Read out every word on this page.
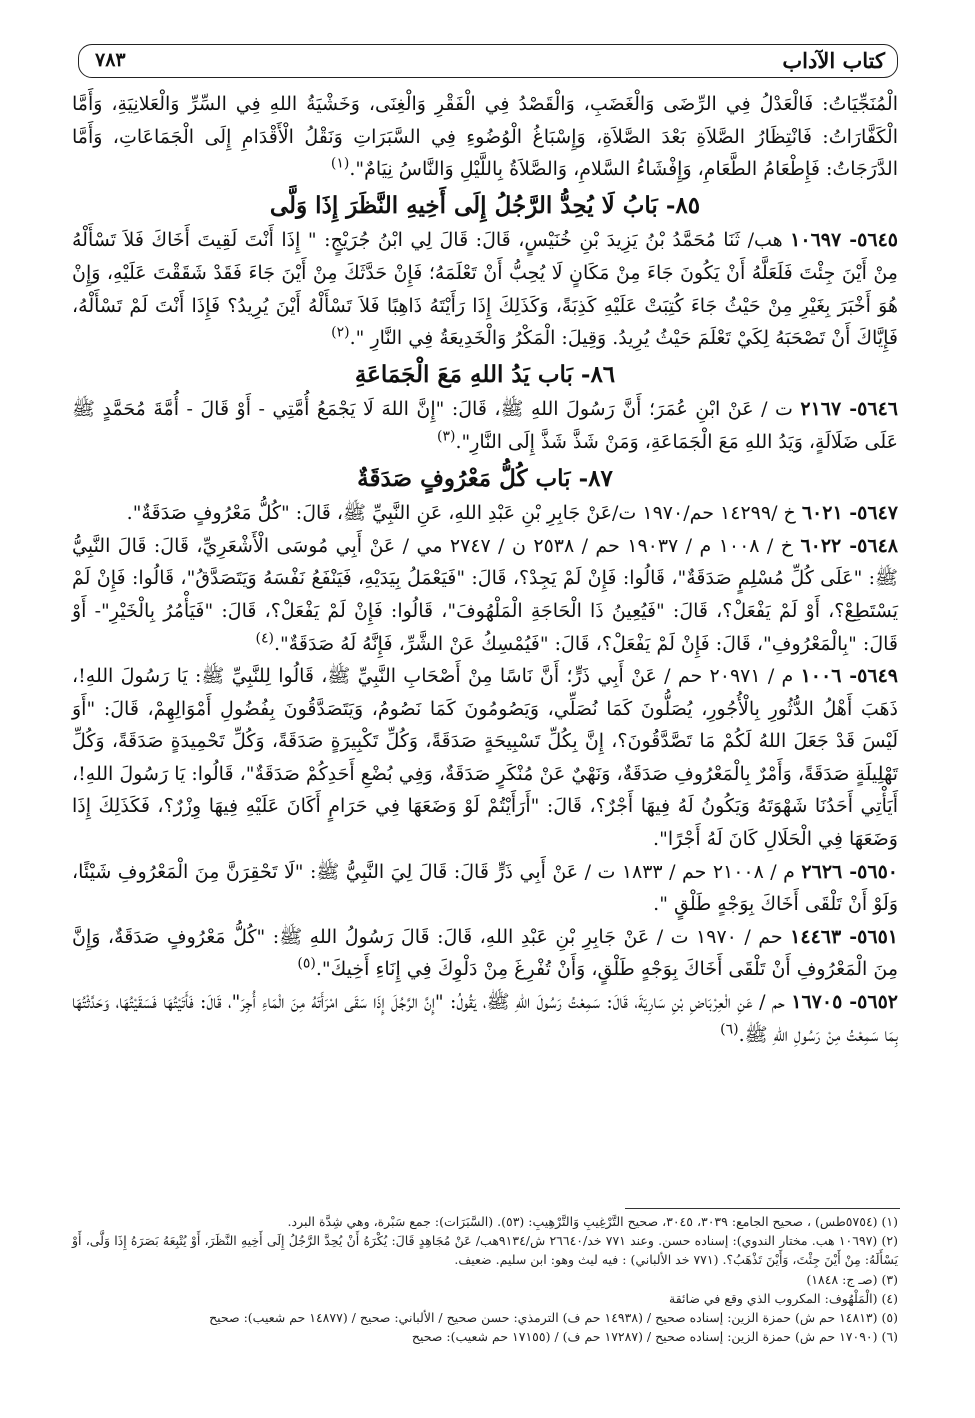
كتاب الآداب
٧٨٣

الْمُنَجِّيَاتُ: فَالْعَدْلُ فِي الرِّضَى وَالْغَضَبِ، وَالْقَصْدُ فِي الْفَقْرِ وَالْغِنَى، وَخَشْيَةُ اللهِ فِي السِّرِّ وَالْعَلانِيَةِ، وَأَمَّا الْكَفَّارَاتُ: فَانْتِظَارُ الصَّلاَةِ بَعْدَ الصَّلاَةِ، وَإِسْبَاغُ الْوُضُوءِ فِي السَّبَرَاتِ وَنَقْلُ الْأَقْدَامِ إِلَى الْجَمَاعَاتِ، وَأَمَّا الدَّرَجَاتُ: فَإِطْعَامُ الطَّعَامِ، وَإِفْشَاءُ السَّلامِ، وَالصَّلاَةُ بِاللَّيْلِ وَالنَّاسُ نِيَامٌ".$^{(١)}$

٨٥- بَابُ لَا يُحِدُّ الرَّجُلُ إِلَى أَخِيهِ النَّظَرَ إِذَا وَلَّى

٥٦٤٥- ١٠٦٩٧ هب/ ثَنَا مُحَمَّدُ بْنُ يَزِيدَ بْنِ خُنَيْسٍ، قَالَ: قَالَ لِي ابْنُ جُرَيْجٍ: " إِذَا أَنْتَ لَقِيتَ أَخَاكَ فَلاَ تَسْأَلْهُ مِنْ أَيْنَ جِئْتَ فَلَعَلَّهُ أَنْ يَكُونَ جَاءَ مِنْ مَكَانٍ لَا يُحِبُّ أَنْ تَعْلَمَهُ؛ فَإِنْ حَدَّثَكَ مِنْ أَيْنَ جَاءَ فَقَدْ شَقَقْتَ عَلَيْهِ، وَإِنْ هُوَ أَخْبَرَ بِغَيْرِ مِنْ حَيْثُ جَاءَ كُتِبَتْ عَلَيْهِ كَذِبَةً، وَكَذَلِكَ إِذَا رَأَيْتَهُ ذَاهِبًا فَلاَ تَسْأَلْهُ أَيْنَ يُرِيدُ؟ فَإِذَا أَنْتَ لَمْ تَسْأَلْهُ، فَإِيَّاكَ أَنْ تَصْحَبَهُ لِكَيْ تَعْلَمَ حَيْثُ يُرِيدُ. وَقِيلَ: الْمَكْرُ وَالْخَدِيعَةُ فِي النَّارِ ".$^{(٢)}$

٨٦- بَاب يَدُ اللهِ مَعَ الْجَمَاعَةِ

٥٦٤٦- ٢١٦٧ ت / عَنْ ابْنِ عُمَرَ؛ أَنَّ رَسُولَ اللهِ ﷺ، قَالَ: "إِنَّ اللهَ لَا يَجْمَعُ أُمَّتِي - أَوْ قَالَ - أُمَّةَ مُحَمَّدٍ ﷺ عَلَى ضَلَالَةٍ، وَيَدُ اللهِ مَعَ الْجَمَاعَةِ، وَمَنْ شَذَّ شَذَّ إِلَى النَّارِ".$^{(٣)}$

٨٧- بَاب كُلُّ مَعْرُوفٍ صَدَقَةٌ

٥٦٤٧- ٦٠٢١ خ /١٤٢٩٩ حم/١٩٧٠ ت/عَنْ جَابِرِ بْنِ عَبْدِ اللهِ، عَنِ النَّبِيِّ ﷺ، قَالَ: "كُلُّ مَعْرُوفٍ صَدَقَةٌ".

٥٦٤٨- ٦٠٢٢ خ / ١٠٠٨ م / ١٩٠٣٧ حم / ٢٥٣٨ ن / ٢٧٤٧ مي / عَنْ أَبِي مُوسَى الْأَشْعَرِيِّ، قَالَ: قَالَ النَّبِيُّ ﷺ: "عَلَى كُلِّ مُسْلِمٍ صَدَقَةٌ"، قَالُوا: فَإِنْ لَمْ يَجِدْ؟، قَالَ: "فَيَعْمَلُ بِيَدَيْهِ، فَيَنْفَعُ نَفْسَهُ وَيَتَصَدَّقُ"، قَالُوا: فَإِنْ لَمْ يَسْتَطِعْ؟، أَوْ لَمْ يَفْعَلْ؟، قَالَ: "فَيُعِينُ ذَا الْحَاجَةِ الْمَلْهُوفَ"، قَالُوا: فَإِنْ لَمْ يَفْعَلْ؟، قَالَ: "فَيَأْمُرُ بِالْخَيْرِ"- أَوْ قَالَ: "بِالْمَعْرُوفِ"، قَالَ: فَإِنْ لَمْ يَفْعَلْ؟، قَالَ: "فَيُمْسِكُ عَنْ الشَّرِّ، فَإِنَّهُ لَهُ صَدَقَةٌ".$^{(٤)}$

٥٦٤٩- ١٠٠٦ م / ٢٠٩٧١ حم / عَنْ أَبِي ذَرٍّ؛ أَنَّ نَاسًا مِنْ أَصْحَابِ النَّبِيِّ ﷺ، قَالُوا لِلنَّبِيِّ ﷺ: يَا رَسُولَ اللهِ!، ذَهَبَ أَهْلُ الدُّثُورِ بِالْأُجُورِ، يُصَلُّونَ كَمَا نُصَلِّي، وَيَصُومُونَ كَمَا نَصُومُ، وَيَتَصَدَّقُونَ بِفُضُولِ أَمْوَالِهِمْ، قَالَ: "أَوَ لَيْسَ قَدْ جَعَلَ اللهُ لَكُمْ مَا تَصَّدَّقُونَ؟، إِنَّ بِكُلِّ تَسْبِيحَةٍ صَدَقَةً، وَكُلِّ تَكْبِيرَةٍ صَدَقَةً، وَكُلِّ تَحْمِيدَةٍ صَدَقَةً، وَكُلِّ تَهْلِيلَةٍ صَدَقَةً، وَأَمْرٌ بِالْمَعْرُوفِ صَدَقَةٌ، وَنَهْيٌ عَنْ مُنْكَرٍ صَدَقَةٌ، وَفِي بُضْعِ أَحَدِكُمْ صَدَقَةٌ"، قَالُوا: يَا رَسُولَ اللهِ!، أَيَأْتِي أَحَدُنَا شَهْوَتَهُ وَيَكُونُ لَهُ فِيهَا أَجْرٌ؟، قَالَ: "أَرَأَيْتُمْ لَوْ وَضَعَهَا فِي حَرَامٍ أَكَانَ عَلَيْهِ فِيهَا وِزْرٌ؟، فَكَذَلِكَ إِذَا وَضَعَهَا فِي الْحَلَالِ كَانَ لَهُ أَجْرًا".

٥٦٥٠- ٢٦٢٦ م / ٢١٠٠٨ حم / ١٨٣٣ ت / عَنْ أَبِي ذَرٍّ قَالَ: قَالَ لِيَ النَّبِيُّ ﷺ: "لَا تَحْقِرَنَّ مِنَ الْمَعْرُوفِ شَيْئًا، وَلَوْ أَنْ تَلْقَى أَخَاكَ بِوَجْهٍ طَلْقٍ ".

٥٦٥١- ١٤٤٦٣ حم / ١٩٧٠ ت / عَنْ جَابِرِ بْنِ عَبْدِ اللهِ، قَالَ: قَالَ رَسُولُ اللهِ ﷺ: "كُلُّ مَعْرُوفٍ صَدَقَةٌ، وَإِنَّ مِنَ الْمَعْرُوفِ أَنْ تَلْقَى أَخَاكَ بِوَجْهٍ طَلْقٍ، وَأَنْ تُفْرِغَ مِنْ دَلْوِكَ فِي إِنَاءِ أَخِيكَ".$^{(٥)}$

٥٦٥٢- ١٦٧٠٥ حم / عَنِ الْعِرْبَاضِ بْنِ سَارِيَةَ، قَالَ: سَمِعْتُ رَسُولَ اللهِ ﷺ، يَقُولُ: "إِنَّ الرَّجُلَ إِذَا سَقَى امْرَأَتَهُ مِنَ الْمَاءِ أُجِرَ"، قَالَ: فَأَتَيْتُهَا فَسَقَيْتُهَا، وَحَدَّثْتُهَا بِمَا سَمِعْتُ مِنْ رَسُولِ اللهِ ﷺ.$^{(٦)}$

(١) (٥٧٥٤طس) ، صحيح الجامع: ٣٠٣٩، ٣٠٤٥، صحيح التَّرْغِيبِ وَالتَّرْهِيبِ: (٥٣). (السَّبَرَات): جمع سَبْرة، وهي شِدَّة البرد.

(٢) (١٠٦٩٧ هب. مختار الندوي): إسناده حسن. وعند ٧٧١ خد/٢٦٦٤٠ ش/٩١٣٤هب/ عَنْ مُجَاهِدٍ قَالَ: يُكْرَهُ أَنْ يُحِدَّ الرَّجُلُ إِلَى أَخِيهِ النَّظَرَ، أَوْ يُتْبِعَهُ بَصَرَهُ إِذَا وَلَّى، أَوْ يَسْأَلَهُ: مِنْ أَيْنَ جِئْتَ، وَأَيْنَ تَذْهَبُ؟. (٧٧١ خد الألباني) : فيه ليث وهو: ابن سليم. ضعيف.

(٣) (صـ ج: ١٨٤٨)

(٤) (الْمَلْهُوف: المكروب الذي وقع في ضائقة

(٥) (١٤٨١٣ حم ش) حمزة الزين: إسناده صحيح / (١٤٩٣٨ حم ف) الترمذي: حسن صحيح / الألباني: صحيح / (١٤٨٧٧ حم شعيب): صحيح

(٦) (١٧٠٩٠ حم ش) حمزة الزين: إسناده صحيح / (١٧٢٨٧ حم ف) / (١٧١٥٥ حم شعيب): صحيح
